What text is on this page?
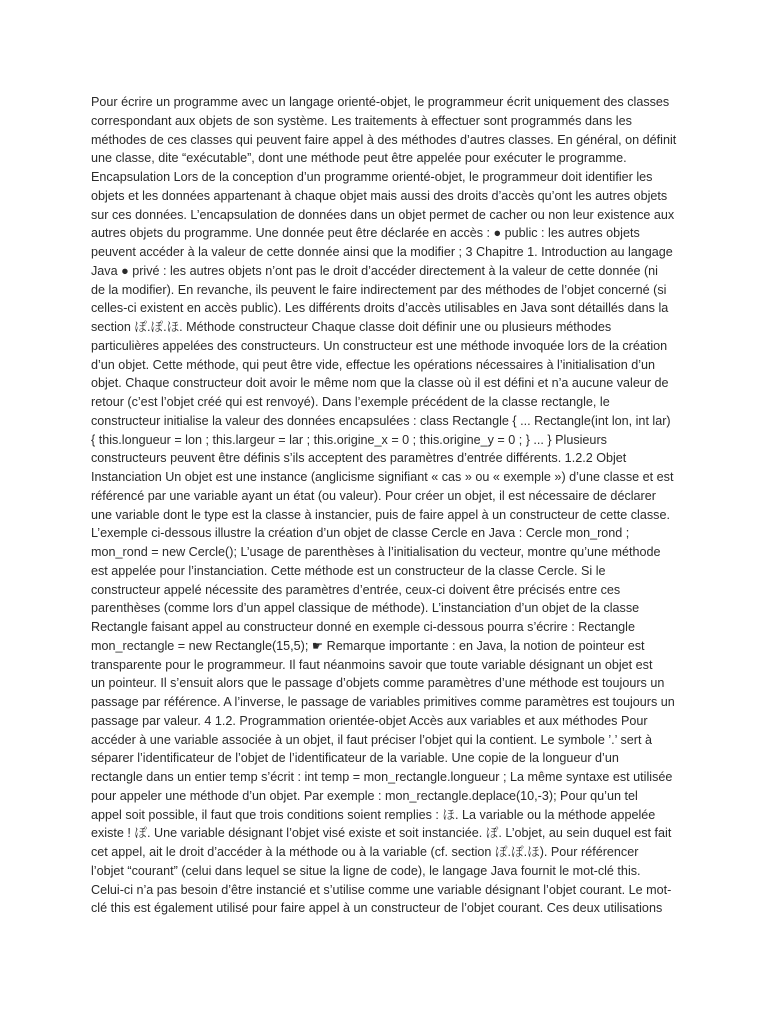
Pour écrire un programme avec un langage orienté-objet, le programmeur écrit uniquement des classes
correspondant aux objets de son système. Les traitements à effectuer sont programmés dans les
méthodes de ces classes qui peuvent faire appel à des méthodes d’autres classes. En général, on définit
une classe, dite “exécutable”, dont une méthode peut être appelée pour exécuter le programme.
Encapsulation Lors de la conception d’un programme orienté-objet, le programmeur doit identifier les
objets et les données appartenant à chaque objet mais aussi des droits d’accès qu’ont les autres objets
sur ces données. L’encapsulation de données dans un objet permet de cacher ou non leur existence aux
autres objets du programme. Une donnée peut être déclarée en accès : ● public : les autres objets
peuvent accéder à la valeur de cette donnée ainsi que la modifier ; 3 Chapitre 1. Introduction au langage
Java ● privé : les autres objets n’ont pas le droit d’accéder directement à la valeur de cette donnée (ni
de la modifier). En revanche, ils peuvent le faire indirectement par des méthodes de l’objet concerné (si
celles-ci existent en accès public). Les différents droits d’accès utilisables en Java sont détaillés dans la
section ぽ.ぽ.ほ. Méthode constructeur Chaque classe doit définir une ou plusieurs méthodes
particulières appelées des constructeurs. Un constructeur est une méthode invoquée lors de la création
d’un objet. Cette méthode, qui peut être vide, effectue les opérations nécessaires à l’initialisation d’un
objet. Chaque constructeur doit avoir le même nom que la classe où il est défini et n’a aucune valeur de
retour (c’est l’objet créé qui est renvoyé). Dans l’exemple précédent de la classe rectangle, le
constructeur initialise la valeur des données encapsulées : class Rectangle { ... Rectangle(int lon, int lar)
{ this.longueur = lon ; this.largeur = lar ; this.origine_x = 0 ; this.origine_y = 0 ; } ... } Plusieurs
constructeurs peuvent être définis s’ils acceptent des paramètres d’entrée différents. 1.2.2 Objet
Instanciation Un objet est une instance (anglicisme signifiant « cas » ou « exemple ») d’une classe et est
référencé par une variable ayant un état (ou valeur). Pour créer un objet, il est nécessaire de déclarer
une variable dont le type est la classe à instancier, puis de faire appel à un constructeur de cette classe.
L’exemple ci-dessous illustre la création d’un objet de classe Cercle en Java : Cercle mon_rond ;
mon_rond = new Cercle(); L’usage de parenthèses à l’initialisation du vecteur, montre qu’une méthode
est appelée pour l’instanciation. Cette méthode est un constructeur de la classe Cercle. Si le
constructeur appelé nécessite des paramètres d’entrée, ceux-ci doivent être précisés entre ces
parenthèses (comme lors d’un appel classique de méthode). L’instanciation d’un objet de la classe
Rectangle faisant appel au constructeur donné en exemple ci-dessous pourra s’écrire : Rectangle
mon_rectangle = new Rectangle(15,5); ☛ Remarque importante : en Java, la notion de pointeur est
transparente pour le programmeur. Il faut néanmoins savoir que toute variable désignant un objet est
un pointeur. Il s’ensuit alors que le passage d’objets comme paramètres d’une méthode est toujours un
passage par référence. A l’inverse, le passage de variables primitives comme paramètres est toujours un
passage par valeur. 4 1.2. Programmation orientée-objet Accès aux variables et aux méthodes Pour
accéder à une variable associée à un objet, il faut préciser l’objet qui la contient. Le symbole ’.’ sert à
séparer l’identificateur de l’objet de l’identificateur de la variable. Une copie de la longueur d’un
rectangle dans un entier temp s’écrit : int temp = mon_rectangle.longueur ; La même syntaxe est utilisée
pour appeler une méthode d’un objet. Par exemple : mon_rectangle.deplace(10,-3); Pour qu’un tel
appel soit possible, il faut que trois conditions soient remplies : ほ. La variable ou la méthode appelée
existe ! ぽ. Une variable désignant l’objet visé existe et soit instanciée. ぽ. L’objet, au sein duquel est fait
cet appel, ait le droit d’accéder à la méthode ou à la variable (cf. section ぽ.ぽ.ほ). Pour référencer
l’objet “courant” (celui dans lequel se situe la ligne de code), le langage Java fournit le mot-clé this.
Celui-ci n’a pas besoin d’être instancié et s’utilise comme une variable désignant l’objet courant. Le mot-
clé this est également utilisé pour faire appel à un constructeur de l’objet courant. Ces deux utilisations
